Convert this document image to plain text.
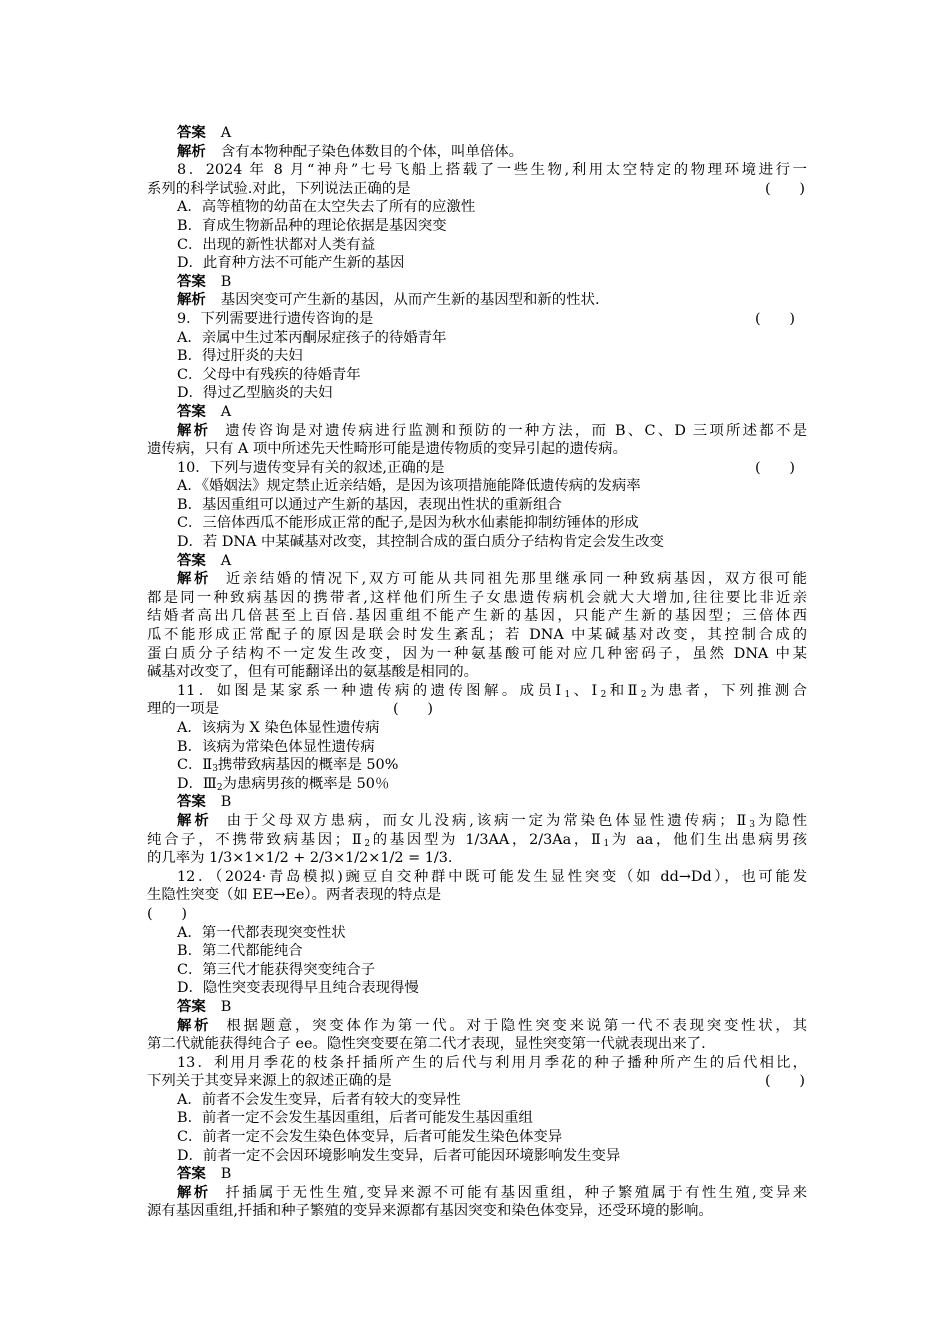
答案 A
解析 含有本物种配子染色体数目的个体，叫单倍体。
8．2024 年 8 月“神舟”七号飞船上搭载了一些生物,利用太空特定的物理环境进行一
系列的科学试验.对此，下列说法正确的是	(　　)
A．高等植物的幼苗在太空失去了所有的应激性
B．育成生物新品种的理论依据是基因突变
C．出现的新性状都对人类有益
D．此育种方法不可能产生新的基因
答案 B
解析 基因突变可产生新的基因，从而产生新的基因型和新的性状.
9．下列需要进行遗传咨询的是	(　　)
A．亲属中生过苯丙酮尿症孩子的待婚青年
B．得过肝炎的夫妇
C．父母中有残疾的待婚青年
D．得过乙型脑炎的夫妇
答案 A
解析 遗传咨询是对遗传病进行监测和预防的一种方法，而 B、C、D 三项所述都不是
遗传病，只有 A 项中所述先天性畸形可能是遗传物质的变异引起的遗传病。
10．下列与遗传变异有关的叙述,正确的是	(　　)
A．《婚姻法》规定禁止近亲结婚，是因为该项措施能降低遗传病的发病率
B．基因重组可以通过产生新的基因，表现出性状的重新组合
C．三倍体西瓜不能形成正常的配子,是因为秋水仙素能抑制纺锤体的形成
D．若 DNA 中某碱基对改变，其控制合成的蛋白质分子结构肯定会发生改变
答案 A
解析 近亲结婚的情况下,双方可能从共同祖先那里继承同一种致病基因，双方很可能
都是同一种致病基因的携带者,这样他们所生子女患遗传病机会就大大增加,往往要比非近亲
结婚者高出几倍甚至上百倍.基因重组不能产生新的基因，只能产生新的基因型；三倍体西
瓜不能形成正常配子的原因是联会时发生紊乱；若 DNA 中某碱基对改变，其控制合成的
蛋白质分子结构不一定发生改变，因为一种氨基酸可能对应几种密码子，虽然 DNA 中某
碱基对改变了，但有可能翻译出的氨基酸是相同的。
11．如图是某家系一种遗传病的遗传图解。成员$Ⅰ_1$、$Ⅰ_2$和$Ⅱ_2$为患者，下列推测合
理的一项是	(　　)
A．该病为 X 染色体显性遗传病
B．该病为常染色体显性遗传病
C．$Ⅱ_3$携带致病基因的概率是 50%
D．$Ⅲ_2$为患病男孩的概率是 50％
答案 B
解析 由于父母双方患病，而女儿没病,该病一定为常染色体显性遗传病；$Ⅱ_3$为隐性
纯合子，不携带致病基因；$Ⅱ_2$的基因型为 1/3AA，2/3Aa，$Ⅱ_1$为 aa，他们生出患病男孩
的几率为 1/3×1×1/2 + 2/3×1/2×1/2 = 1/3.
12．（2024·青岛模拟)豌豆自交种群中既可能发生显性突变（如 dd→Dd），也可能发
生隐性突变（如 EE→Ee）。两者表现的特点是
(　　)
A．第一代都表现突变性状
B．第二代都能纯合
C．第三代才能获得突变纯合子
D．隐性突变表现得早且纯合表现得慢
答案 B
解析 根据题意，突变体作为第一代。对于隐性突变来说第一代不表现突变性状，其
第二代就能获得纯合子 ee。隐性突变要在第二代才表现，显性突变第一代就表现出来了.
13．利用月季花的枝条扦插所产生的后代与利用月季花的种子播种所产生的后代相比，
下列关于其变异来源上的叙述正确的是	(　　)
A．前者不会发生变异，后者有较大的变异性
B．前者一定不会发生基因重组，后者可能发生基因重组
C．前者一定不会发生染色体变异，后者可能发生染色体变异
D．前者一定不会因环境影响发生变异，后者可能因环境影响发生变异
答案 B
解析 扦插属于无性生殖,变异来源不可能有基因重组，种子繁殖属于有性生殖,变异来
源有基因重组,扦插和种子繁殖的变异来源都有基因突变和染色体变异，还受环境的影响。
